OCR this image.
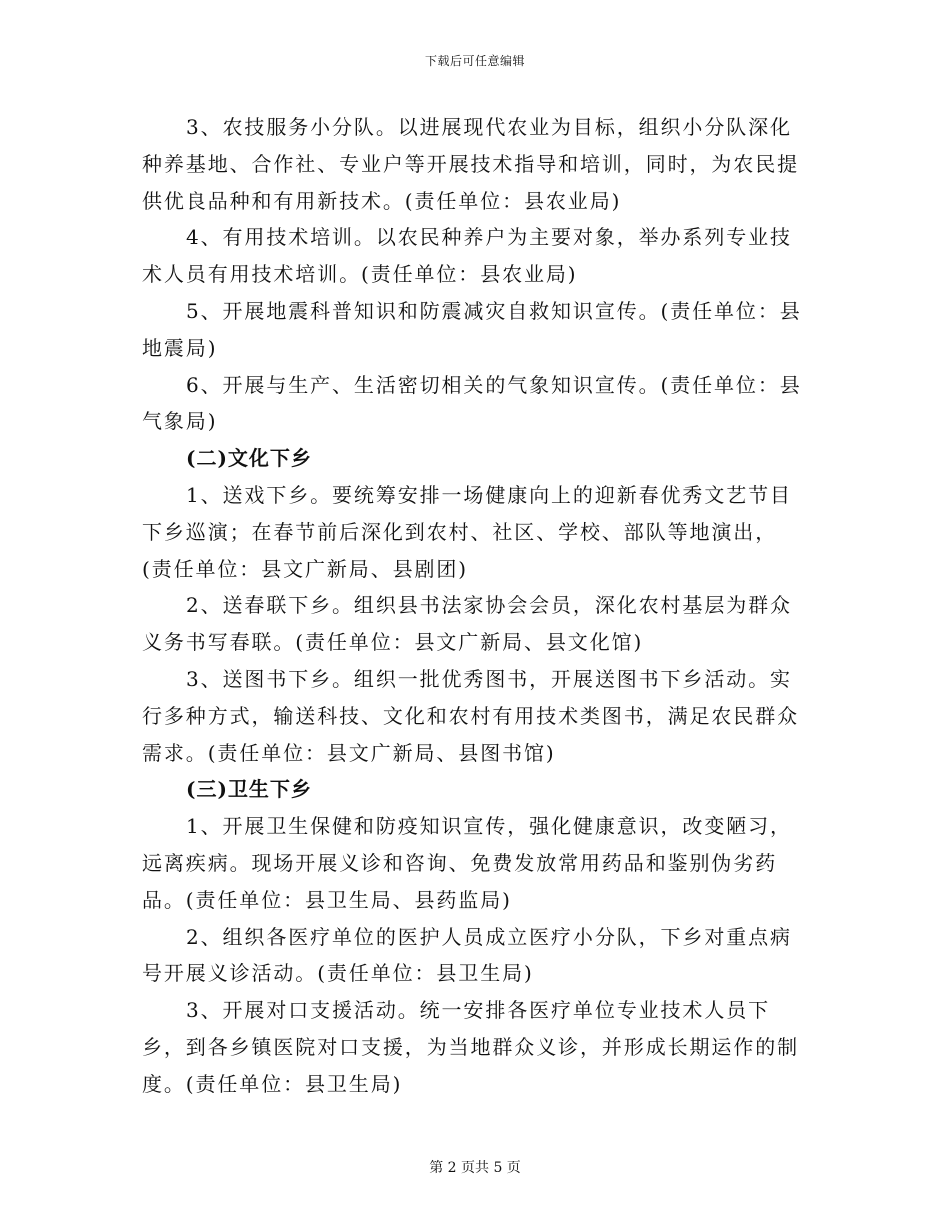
下载后可任意编辑

3、农技服务小分队。以进展现代农业为目标，组织小分队深化种养基地、合作社、专业户等开展技术指导和培训，同时，为农民提供优良品种和有用新技术。(责任单位：县农业局)

4、有用技术培训。以农民种养户为主要对象，举办系列专业技术人员有用技术培训。(责任单位：县农业局)

5、开展地震科普知识和防震减灾自救知识宣传。(责任单位：县地震局)

6、开展与生产、生活密切相关的气象知识宣传。(责任单位：县气象局)

(二)文化下乡

1、送戏下乡。要统筹安排一场健康向上的迎新春优秀文艺节目下乡巡演；在春节前后深化到农村、社区、学校、部队等地演出，(责任单位：县文广新局、县剧团)

2、送春联下乡。组织县书法家协会会员，深化农村基层为群众义务书写春联。(责任单位：县文广新局、县文化馆)

3、送图书下乡。组织一批优秀图书，开展送图书下乡活动。实行多种方式，输送科技、文化和农村有用技术类图书，满足农民群众需求。(责任单位：县文广新局、县图书馆)

(三)卫生下乡

1、开展卫生保健和防疫知识宣传，强化健康意识，改变陋习，远离疾病。现场开展义诊和咨询、免费发放常用药品和鉴别伪劣药品。(责任单位：县卫生局、县药监局)

2、组织各医疗单位的医护人员成立医疗小分队，下乡对重点病号开展义诊活动。(责任单位：县卫生局)

3、开展对口支援活动。统一安排各医疗单位专业技术人员下乡，到各乡镇医院对口支援，为当地群众义诊，并形成长期运作的制度。(责任单位：县卫生局)

第 2 页共 5 页
